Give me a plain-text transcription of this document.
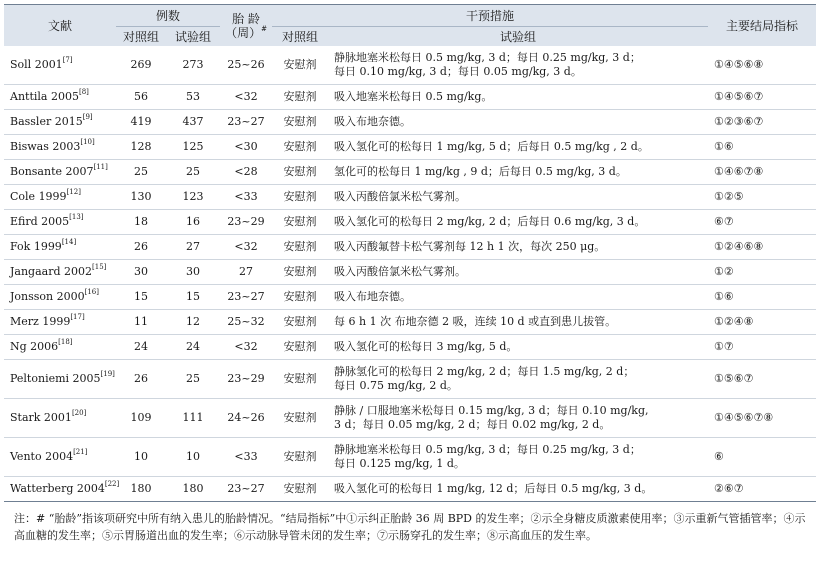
文献	例数		胎 龄
（周）#	干预措施		主要结局指标
	对照组	试验组		对照组	试验组	
Soll 2001[7]	269	273	25~26	安慰剂	静脉地塞米松每日 0.5 mg/kg, 3 d；每日 0.25 mg/kg, 3 d；
每日 0.10 mg/kg, 3 d；每日 0.05 mg/kg, 3 d。	①④⑤⑥⑧
Anttila 2005[8]	56	53	<32	安慰剂	吸入地塞米松每日 0.5 mg/kg。	①④⑤⑥⑦
Bassler 2015[9]	419	437	23~27	安慰剂	吸入布地奈德。	①②③⑥⑦
Biswas 2003[10]	128	125	<30	安慰剂	吸入氢化可的松每日 1 mg/kg, 5 d；后每日 0.5 mg/kg , 2 d。	①⑥
Bonsante 2007[11]	25	25	<28	安慰剂	氢化可的松每日 1 mg/kg , 9 d；后每日 0.5 mg/kg, 3 d。	①④⑥⑦⑧
Cole 1999[12]	130	123	<33	安慰剂	吸入丙酸倍氯米松气雾剂。	①②⑤
Efird 2005[13]	18	16	23~29	安慰剂	吸入氢化可的松每日 2 mg/kg, 2 d；后每日 0.6 mg/kg, 3 d。	⑥⑦
Fok 1999[14]	26	27	<32	安慰剂	吸入丙酸氟替卡松气雾剂每 12 h 1 次，每次 250 μg。	①②④⑥⑧
Jangaard 2002[15]	30	30	27	安慰剂	吸入丙酸倍氯米松气雾剂。	①②
Jonsson 2000[16]	15	15	23~27	安慰剂	吸入布地奈德。	①⑥
Merz 1999[17]	11	12	25~32	安慰剂	每 6 h 1 次 布地奈德 2 吸，连续 10 d 或直到患儿拔管。	①②④⑧
Ng 2006[18]	24	24	<32	安慰剂	吸入氢化可的松每日 3 mg/kg, 5 d。	①⑦
Peltoniemi 2005[19]	26	25	23~29	安慰剂	静脉氢化可的松每日 2 mg/kg, 2 d；每日 1.5 mg/kg, 2 d；
每日 0.75 mg/kg, 2 d。	①⑤⑥⑦
Stark 2001[20]	109	111	24~26	安慰剂	静脉 / 口服地塞米松每日 0.15 mg/kg, 3 d；每日 0.10 mg/kg,
3 d；每日 0.05 mg/kg, 2 d；每日 0.02 mg/kg, 2 d。	①④⑤⑥⑦⑧
Vento 2004[21]	10	10	<33	安慰剂	静脉地塞米松每日 0.5 mg/kg, 3 d；每日 0.25 mg/kg, 3 d；
每日 0.125 mg/kg, 1 d。	⑥
Watterberg 2004[22]	180	180	23~27	安慰剂	吸入氢化可的松每日 1 mg/kg, 12 d；后每日 0.5 mg/kg, 3 d。	②⑥⑦
注：# “胎龄”指该项研究中所有纳入患儿的胎龄情况。“结局指标”中①示纠正胎龄 36 周 BPD 的发生率；②示全身糖皮质激素使用率；③示重新气管插管率；④示高血糖的发生率；⑤示胃肠道出血的发生率；⑥示动脉导管未闭的发生率；⑦示肠穿孔的发生率；⑧示高血压的发生率。
